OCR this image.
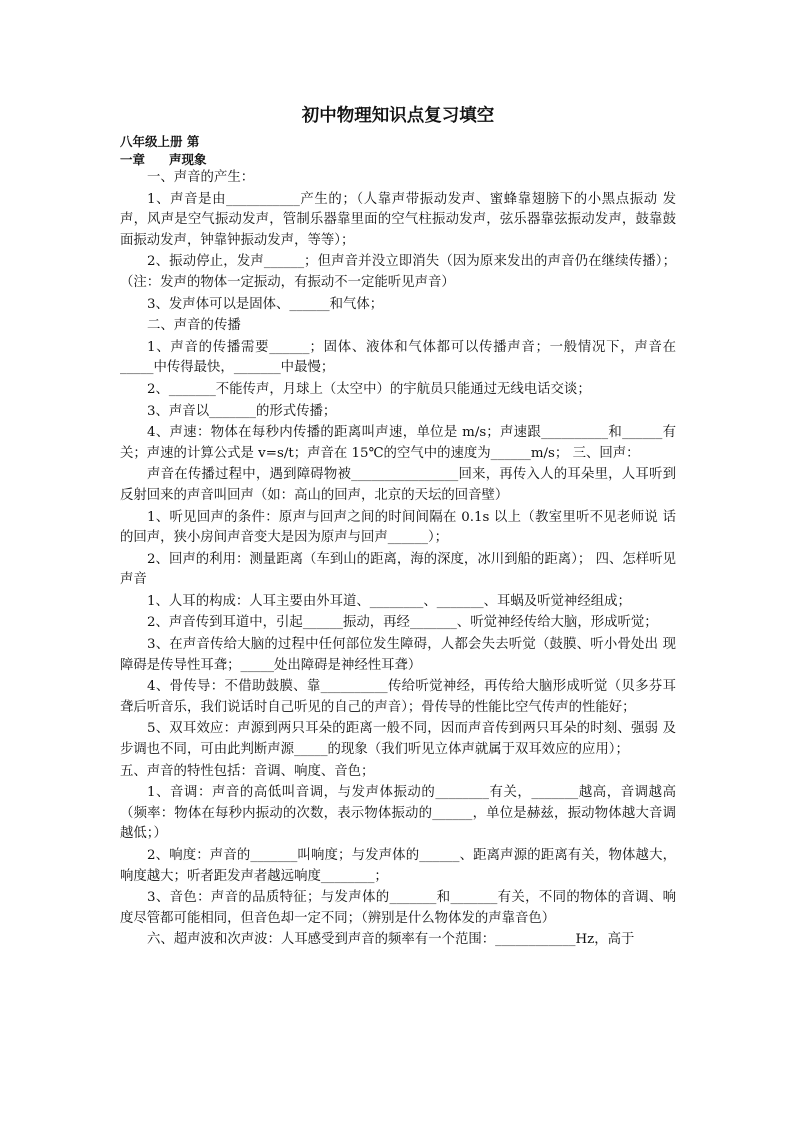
初中物理知识点复习填空
八年级上册 第
一章 声现象
一、声音的产生：
1、声音是由___________产生的；（人靠声带振动发声、蜜蜂靠翅膀下的小黑点振动 发声，风声是空气振动发声，管制乐器靠里面的空气柱振动发声，弦乐器靠弦振动发声，鼓靠鼓面振动发声，钟靠钟振动发声，等等）；
2、振动停止，发声______；但声音并没立即消失（因为原来发出的声音仍在继续传播）；（注：发声的物体一定振动，有振动不一定能听见声音）
3、发声体可以是固体、______和气体；
二、声音的传播
1、声音的传播需要______；固体、液体和气体都可以传播声音；一般情况下，声音在_____中传得最快，_______中最慢；
2、_______不能传声，月球上（太空中）的宇航员只能通过无线电话交谈；
3、声音以_______的形式传播；
4、声速：物体在每秒内传播的距离叫声速，单位是 m/s；声速跟__________和______有关；声速的计算公式是 v=s/t；声音在 15℃的空气中的速度为______m/s； 三、回声：
声音在传播过程中，遇到障碍物被________________回来，再传入人的耳朵里，人耳听到反射回来的声音叫回声（如：高山的回声，北京的天坛的回音壁）
1、听见回声的条件：原声与回声之间的时间间隔在 0.1s 以上（教室里听不见老师说 话的回声，狭小房间声音变大是因为原声与回声______）；
2、回声的利用：测量距离（车到山的距离，海的深度，冰川到船的距离）； 四、怎样听见声音
1、人耳的构成：人耳主要由外耳道、________、_______、耳蜗及听觉神经组成；
2、声音传到耳道中，引起______振动，再经_______、听觉神经传给大脑，形成听觉；
3、在声音传给大脑的过程中任何部位发生障碍，人都会失去听觉（鼓膜、听小骨处出 现障碍是传导性耳聋；_____处出障碍是神经性耳聋）
4、骨传导：不借助鼓膜、靠__________传给听觉神经，再传给大脑形成听觉（贝多芬耳聋后听音乐，我们说话时自己听见的自己的声音）；骨传导的性能比空气传声的性能好；
5、双耳效应：声源到两只耳朵的距离一般不同，因而声音传到两只耳朵的时刻、强弱 及步调也不同，可由此判断声源_____的现象（我们听见立体声就属于双耳效应的应用）；
五、声音的特性包括：音调、响度、音色；
1、音调：声音的高低叫音调，与发声体振动的________有关，_______越高，音调越高（频率：物体在每秒内振动的次数，表示物体振动的______，单位是赫兹，振动物体越大音调越低；）
2、响度：声音的_______叫响度；与发声体的______、距离声源的距离有关，物体越大，响度越大；听者距发声者越远响度________；
3、音色：声音的品质特征；与发声体的_______和_______有关，不同的物体的音调、响度尽管都可能相同，但音色却一定不同；（辨别是什么物体发的声靠音色）
六、超声波和次声波：人耳感受到声音的频率有一个范围：____________Hz，高于
